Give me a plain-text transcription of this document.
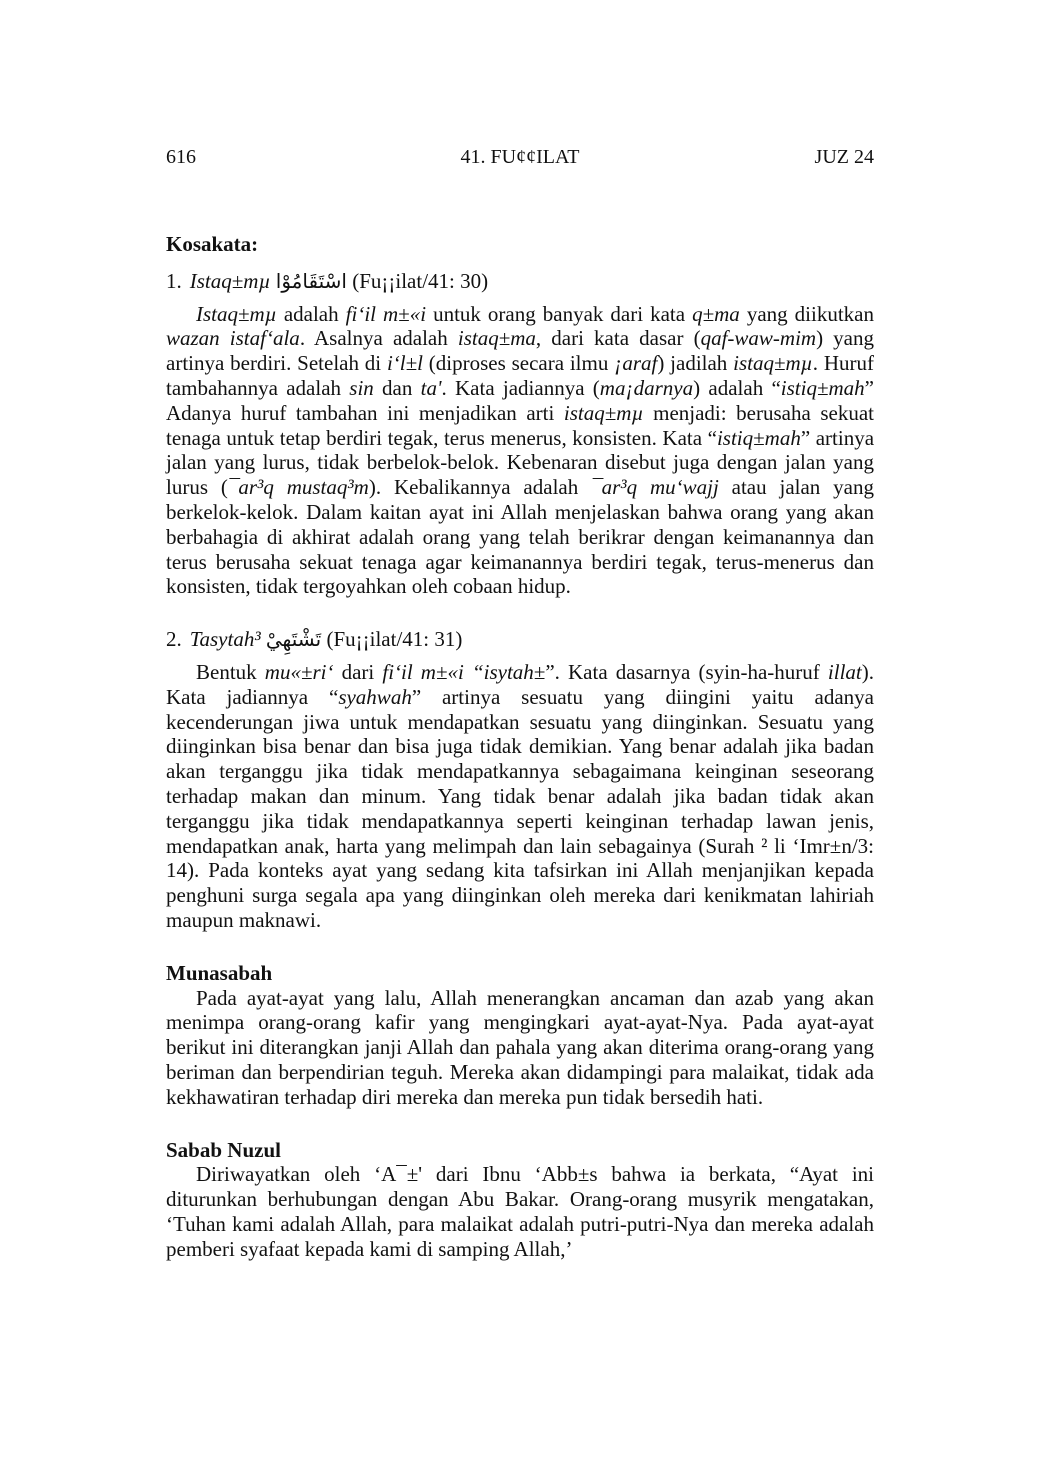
616	41. FU¢¢ILAT	JUZ 24

Kosakata:

1. Istaq±mµ اسْتَقَامُوْا (Fu¡¡ilat/41: 30)

Istaq±mµ adalah fi‘il m±«i untuk orang banyak dari kata q±ma yang diikutkan wazan istaf‘ala. Asalnya adalah istaq±ma, dari kata dasar (qaf-waw-mim) yang artinya berdiri. Setelah di i‘l±l (diproses secara ilmu ¡araf) jadilah istaq±mµ. Huruf tambahannya adalah sin dan ta'. Kata jadiannya (ma¡darnya) adalah “istiq±mah” Adanya huruf tambahan ini menjadikan arti istaq±mµ menjadi: berusaha sekuat tenaga untuk tetap berdiri tegak, terus menerus, konsisten. Kata “istiq±mah” artinya jalan yang lurus, tidak berbelok-belok. Kebenaran disebut juga dengan jalan yang lurus (¯ar³q mustaq³m). Kebalikannya adalah ¯ar³q mu‘wajj atau jalan yang berkelok-kelok. Dalam kaitan ayat ini Allah menjelaskan bahwa orang yang akan berbahagia di akhirat adalah orang yang telah berikrar dengan keimanannya dan terus berusaha sekuat tenaga agar keimanannya berdiri tegak, terus-menerus dan konsisten, tidak tergoyahkan oleh cobaan hidup.

2. Tasytah³ تَشْتَهِيْ (Fu¡¡ilat/41: 31)

Bentuk mu«±ri‘ dari fi‘il m±«i “isytah±”. Kata dasarnya (syin-ha-huruf illat). Kata jadiannya “syahwah” artinya sesuatu yang diingini yaitu adanya kecenderungan jiwa untuk mendapatkan sesuatu yang diinginkan. Sesuatu yang diinginkan bisa benar dan bisa juga tidak demikian. Yang benar adalah jika badan akan terganggu jika tidak mendapatkannya sebagaimana keinginan seseorang terhadap makan dan minum. Yang tidak benar adalah jika badan tidak akan terganggu jika tidak mendapatkannya seperti keinginan terhadap lawan jenis, mendapatkan anak, harta yang melimpah dan lain sebagainya (Surah ² li ‘Imr±n/3: 14). Pada konteks ayat yang sedang kita tafsirkan ini Allah menjanjikan kepada penghuni surga segala apa yang diinginkan oleh mereka dari kenikmatan lahiriah maupun maknawi.

Munasabah

Pada ayat-ayat yang lalu, Allah menerangkan ancaman dan azab yang akan menimpa orang-orang kafir yang mengingkari ayat-ayat-Nya. Pada ayat-ayat berikut ini diterangkan janji Allah dan pahala yang akan diterima orang-orang yang beriman dan berpendirian teguh. Mereka akan didampingi para malaikat, tidak ada kekhawatiran terhadap diri mereka dan mereka pun tidak bersedih hati.

Sabab Nuzul

Diriwayatkan oleh ‘A¯±' dari Ibnu ‘Abb±s bahwa ia berkata, “Ayat ini diturunkan berhubungan dengan Abu Bakar. Orang-orang musyrik mengatakan, ‘Tuhan kami adalah Allah, para malaikat adalah putri-putri-Nya dan mereka adalah pemberi syafaat kepada kami di samping Allah,’
